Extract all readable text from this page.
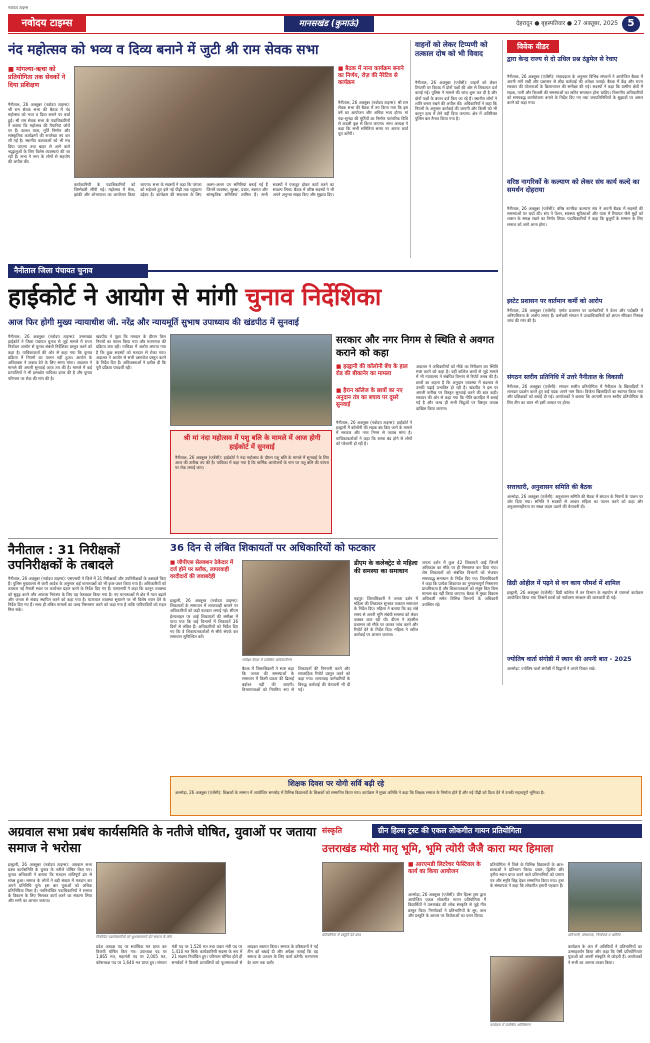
नवोदय टाइम्स
नवोदय टाइम्स	मानसखंड (कुमाऊं)	देहरादून ● बृहस्पतिवार ● 27 अक्तूबर, 2025 5
नंद महोत्सव को भव्य व दिव्य बनाने में जुटी श्री राम सेवक सभा
■ मांगल्या-ऋचा को प्रतियोगिता तक सेवकों ने दिया प्रशिक्षण
नैनीताल, 26 अक्तूबर (नवोदय टाइम्स): श्री राम सेवक सभा की बैठक में नंद महोत्सव को भव्य व दिव्य बनाने पर चर्चा हुई। श्री राम सेवक सभा के पदाधिकारियों ने बताया कि महोत्सव की तैयारियां जोरों पर हैं। कलश यात्रा, मूर्ति निर्माण और सांस्कृतिक कार्यक्रमों की रूपरेखा तय कर ली गई है। स्थानीय कलाकारों को भी मंच दिया जाएगा तथा बाहर से आने वाले श्रद्धालुओं के लिए विशेष व्यवस्थाएं की जा रही हैं। सभा ने नगर के लोगों से सहयोग की अपील की।
■ बैठक में नाना कार्यक्रम बनाने का निर्णय, रोज़ की नैरेटिव से कार्यक्रम
नैनीताल, 26 अक्तूबर (नवोदय टाइम्स): श्री राम सेवक सभा की बैठक में तय किया गया कि इस वर्ष का आयोजन और अधिक भव्य होगा। मां नंदा-सुनंदा की मूर्तियों का निर्माण पारंपरिक विधि से कदली वृक्ष से किया जाएगा। सभा अध्यक्ष ने कहा कि सभी समितियां समय पर अपना कार्य पूरा करेंगी।
कार्यकारिणी के पदाधिकारियों को जिम्मेदारी सौंपी गई। महोत्सव में मेला, झांकी और शोभायात्रा का आयोजन किया जाएगा। सभा के सदस्यों ने कहा कि परंपरा को सहेजते हुए इसे नई पीढ़ी तक पहुंचाना उद्देश्य है। कार्यक्रम की सफलता के लिए अलग-अलग उप समितियां बनाई गई हैं जिनमें व्यवस्था, सुरक्षा, प्रचार, स्वागत और सांस्कृतिक समितियां शामिल हैं। सभी सदस्यों ने एकजुट होकर कार्य करने का संकल्प लिया। बैठक में वरिष्ठ सदस्यों ने भी अपने अनुभव साझा किए और सुझाव दिए।
वाहनों को लेकर टिप्पणी को तत्काल दोष को भी विवाद
नैनीताल, 26 अक्तूबर (एजेंसी): वाहनों को लेकर टिप्पणी पर विवाद में दोनों पक्षों की ओर से शिकायत दर्ज कराई गई। पुलिस ने मामले की जांच शुरू कर दी है और दोनों पक्षों के बयान दर्ज किए जा रहे हैं। स्थानीय लोगों ने शांति बनाए रखने की अपील की। अधिकारियों ने कहा कि नियमों के अनुसार कार्रवाई की जाएगी और किसी को भी कानून हाथ में लेने नहीं दिया जाएगा। क्षेत्र में अतिरिक्त पुलिस बल तैनात किया गया है।
विवेक वीडर
द्वारा केन्द्र राज्य से दो उधिल प्रश्न ठंडुमेल से रेचाए
नैनीताल, 26 अक्तूबर (एजेंसी): संवाददाता के अनुसार विभिन्न संगठनों ने आयोजित बैठक में अपनी मांगें रखीं और प्रशासन से शीघ्र कार्रवाई की अपेक्षा जताई। बैठक में केंद्र और राज्य सरकार की योजनाओं के क्रियान्वयन की समीक्षा की गई। सदस्यों ने कहा कि ग्रामीण क्षेत्रों में सड़क, पानी और बिजली की समस्याओं का त्वरित समाधान होना चाहिए। विभागीय अधिकारियों को समयबद्ध कार्ययोजना बनाने के निर्देश दिए गए तथा जनप्रतिनिधियों के सुझावों पर अमल करने को कहा गया।
वरिष्ठ नागरिकों के कल्याण को लेकर संघ कार्य कल्दे का समर्थन दोहराया
नैनीताल, 26 अक्तूबर (एजेंसी): वरिष्ठ नागरिक कल्याण संघ ने अपनी बैठक में सदस्यों की समस्याओं पर चर्चा की। संघ ने पेंशन, स्वास्थ्य सुविधाओं और यात्रा में रियायत जैसे मुद्दों को शासन के समक्ष रखने का निर्णय लिया। पदाधिकारियों ने कहा कि बुजुर्गों के सम्मान के लिए समाज को आगे आना होगा।
इस्टेट प्रशासन पर वार्तमान कर्मी को आरोप
नैनीताल, 26 अक्तूबर (एजेंसी): एस्टेट प्रशासन पर कर्मचारियों ने वेतन और पदोन्नति में अनियमितता के आरोप लगाए हैं। कर्मचारी संगठन ने उच्चाधिकारियों को ज्ञापन सौंपकर निष्पक्ष जांच की मांग की है।
संगठन स्तरीय प्रतिनिधि में उत्तरे नैनीताल के विकासी
नैनीताल, 26 अक्तूबर (एजेंसी): संगठन स्तरीय प्रतियोगिता में नैनीताल के खिलाड़ियों ने शानदार प्रदर्शन करते हुए कई पदक अपने नाम किए। विजेता खिलाड़ियों का स्वागत किया गया और प्रशिक्षकों को बधाई दी गई। आयोजकों ने बताया कि आगामी राज्य स्तरीय प्रतियोगिता के लिए टीम का चयन भी इसी आधार पर होगा।
सत्ताधारी, अनुशासन समिति की बैठक
अल्मोड़ा, 26 अक्तूबर (एजेंसी): अनुशासन समिति की बैठक में संगठन के नियमों के पालन पर जोर दिया गया। समिति ने सदस्यों से आचार संहिता का पालन करने को कहा और अनुशासनहीनता पर सख्त कदम उठाने की चेतावनी दी।
डिग्री ओहील में पढ़ने से वन काय परैमर्श में शामिल
हल्द्वानी, 26 अक्तूबर (एजेंसी): डिग्री कॉलेज में वन विभाग के सहयोग से परामर्श कार्यक्रम आयोजित किया गया जिसमें छात्रों को पर्यावरण संरक्षण की जानकारी दी गई।
ज्योतिष वार्ता संगोष्ठी में स्थान की अपनी बात - 2025
अल्मोड़ा: ज्योतिष वार्ता संगोष्ठी में विद्वानों ने अपने विचार रखे।
नैनीताल जिला पंचायत चुनाव
हाईकोर्ट ने आयोग से मांगी चुनाव निर्देशिका
आज फिर होगी मुख्य न्यायाधीश जी. नरेंद्र और न्यायमूर्ति सुभाष उपाध्याय की खंडपीठ में सुनवाई
नैनीताल, 26 अक्तूबर (नवोदय टाइम्स): उत्तराखंड हाईकोर्ट ने जिला पंचायत चुनाव से जुड़े मामले में राज्य निर्वाचन आयोग से चुनाव संबंधी निर्देशिका प्रस्तुत करने को कहा है। याचिकाकर्ता की ओर से कहा गया कि चुनाव प्रक्रिया में नियमों का पालन नहीं हुआ। आयोग के अधिवक्ता ने जवाब देने के लिए समय मांगा। अदालत ने मामले की अगली सुनवाई आज तय की है। मामले में कई प्रत्याशियों ने भी हस्तक्षेप याचिका दायर की है और चुनाव परिणाम पर रोक की मांग की है।
खंडपीठ ने पूछा कि मतदान के दौरान किन नियमों का पालन किया गया और मतगणना की प्रक्रिया क्या रही। याचिका में आरोप लगाया गया है कि कुछ सदस्यों को मतदान से रोका गया। अदालत ने आयोग से सभी दस्तावेज प्रस्तुत करने के निर्देश दिए हैं। अधिवक्ताओं ने दलील दी कि पूरी प्रक्रिया पारदर्शी रही।
सरकार और नगर निगम से स्थिति से अवगत कराने को कहा
■ हल्द्वानी की कॉलोनी बेंच के हाल रोड की बीकानेर का मामला
■ हैरान कॉलेज के छात्रों का नए अनुदान तंत्र का बचाव पर दूसरे सुनवाई
नैनीताल, 26 अक्तूबर (नवोदय टाइम्स): हाईकोर्ट ने हल्द्वानी में कॉलोनी की सड़क बंद किए जाने के मामले में सरकार और नगर निगम से जवाब मांगा है। याचिकाकर्ताओं ने कहा कि रास्ता बंद होने से लोगों को परेशानी हो रही है।
अदालत ने अधिकारियों को मौके का निरीक्षण कर स्थिति स्पष्ट करने को कहा है। वहीं कॉलेज छात्रों से जुड़े मामले में भी न्यायालय ने संबंधित विभाग से रिपोर्ट तलब की है। छात्रों का कहना है कि अनुदान व्यवस्था में बदलाव से उनकी पढ़ाई प्रभावित हो रही है। खंडपीठ ने इस पर अगली तारीख पर विस्तृत सुनवाई करने की बात कही। सरकार की ओर से कहा गया कि नीति छात्रहित में बनाई गई है और जल्द ही सभी बिंदुओं पर विस्तृत जवाब दाखिल किया जाएगा।
श्री मां नंदा महोत्सव में पशु बलि के मामले में आज होगी हाईकोर्ट में सुनवाई
नैनीताल, 26 अक्तूबर (एजेंसी): हाईकोर्ट ने नंदा महोत्सव के दौरान पशु बलि के मामले में सुनवाई के लिए आज की तारीख तय की है। याचिका में कहा गया है कि धार्मिक आयोजनों के नाम पर पशु बलि की परंपरा पर रोक लगाई जाए।
नैनीताल : 31 निरीक्षकों उपनिरीक्षकों के तबादले
नैनीताल, 26 अक्तूबर (नवोदय टाइम्स): एसएसपी ने जिले में 31 निरीक्षकों और उपनिरीक्षकों के तबादले किए हैं। पुलिस मुख्यालय से जारी आदेश के अनुसार कई थानाध्यक्षों को भी इधर-उधर किया गया है। अधिकारियों को तत्काल नई तैनाती स्थल पर कार्यभार ग्रहण करने के निर्देश दिए गए हैं। एसएसपी ने कहा कि कानून व्यवस्था को सुदृढ़ करने और अपराध नियंत्रण के लिए यह फेरबदल किया गया है। नए थानाध्यक्षों से क्षेत्र में गश्त बढ़ाने और जनता से संवाद स्थापित करने को कहा गया है। यातायात व्यवस्था सुधारने पर भी विशेष ध्यान देने के निर्देश दिए गए हैं। साथ ही लंबित मामलों का जल्द निस्तारण करने को कहा गया है ताकि फरियादियों को राहत मिल सके।
36 दिन से लंबित शिकायतों पर अधिकारियों को फटकार
■ जीपीएस सेलक्शन ठेकेदार में दर्ज होने पर ब्लॉक, लापरवाही वरदीदारों की जवाबदेही
हल्द्वानी, 26 अक्तूबर (नवोदय टाइम्स): शिकायतों के समाधान में लापरवाही बरतने पर अधिकारियों को कड़ी फटकार लगाई गई। सीएम हेल्पलाइन पर आई शिकायतों की समीक्षा में पाया गया कि कई विभागों में शिकायतें 36 दिनों से लंबित हैं। अधिकारियों को निर्देश दिए गए कि वे शिकायतकर्ताओं से सीधे संपर्क कर समाधान सुनिश्चित करें।
समीक्षा बैठक में उपस्थित अधिकारीगण
बैठक में जिलाधिकारी ने स्पष्ट कहा कि जनता की समस्याओं के समाधान में किसी प्रकार की ढिलाई बर्दाश्त नहीं की जाएगी। विभागाध्यक्षों को नियमित रूप से शिकायतों की निगरानी करने और साप्ताहिक रिपोर्ट प्रस्तुत करने को कहा गया। लापरवाह कर्मचारियों के विरुद्ध कार्रवाई की चेतावनी भी दी गई।
डीएम के कलेक्ट्रेट से महिला की समस्या का समाधान
रुद्रपुर: जिलाधिकारी ने जनता दर्शन में महिला की शिकायत सुनकर तत्काल समाधान के निर्देश दिए। महिला ने बताया कि वह लंबे समय से अपनी भूमि संबंधी समस्या को लेकर चक्कर काट रही थी। डीएम ने तहसील प्रशासन को मौके पर जाकर जांच करने और रिपोर्ट देने के निर्देश दिए। महिला ने त्वरित कार्रवाई पर आभार जताया।
जनता दर्शन में कुल 42 शिकायतें आईं जिनमें अधिकांश का मौके पर ही निस्तारण कर दिया गया। शेष शिकायतों को संबंधित विभागों को भेजकर समयबद्ध समाधान के निर्देश दिए गए। जिलाधिकारी ने कहा कि प्रत्येक शिकायत का गुणवत्तापूर्ण निस्तारण प्राथमिकता है और शिकायतकर्ता को संतुष्ट किए बिना मामला बंद नहीं किया जाएगा। बैठक में मुख्य विकास अधिकारी समेत विभिन्न विभागों के अधिकारी उपस्थित रहे।
शिक्षक दिवस पर योगी सर्वि बढ़ी रहे
अल्मोड़ा, 26 अक्तूबर (एजेंसी): शिक्षकों के सम्मान में आयोजित समारोह में विभिन्न विद्यालयों के शिक्षकों को सम्मानित किया गया। कार्यक्रम में मुख्य अतिथि ने कहा कि शिक्षक समाज के निर्माता होते हैं और नई पीढ़ी को दिशा देने में उनकी महत्वपूर्ण भूमिका है।
अग्रवाल सभा प्रबंध कार्यसमिति के नतीजे घोषित, युवाओं पर जताया समाज ने भरोसा
हल्द्वानी, 26 अक्तूबर (नवोदय टाइम्स): अग्रवाल सभा प्रबंध कार्यसमिति के चुनाव के नतीजे घोषित किए गए। चुनाव अधिकारी ने बताया कि मतदान शांतिपूर्ण ढंग से संपन्न हुआ। समाज के लोगों ने बड़ी संख्या में मतदान कर अपने प्रतिनिधि चुने। इस बार युवाओं को अधिक प्रतिनिधित्व मिला है। नवनिर्वाचित पदाधिकारियों ने समाज के विकास के लिए मिलकर कार्य करने का संकल्प लिया और सभी का आभार जताया।
निर्वाचित पदाधिकारियों को शुभकामनाएँ देते समाज के लोग
प्रदेश अध्यक्ष पद पर सर्वाधिक मत प्राप्त कर विजयी घोषित किए गए। उपाध्यक्ष पद पर 1,865 मत, महामंत्री पद पर 2,005 मत, कोषाध्यक्ष पद पर 1,640 मत प्राप्त हुए। संगठन मंत्री पद पर 1,520 मत तथा प्रचार मंत्री पद पर 1,410 मत मिले। कार्यकारिणी सदस्य के रूप में 21 सदस्य निर्वाचित हुए। परिणाम घोषित होते ही समर्थकों ने विजयी प्रत्याशियों को फूलमालाओं से लादकर स्वागत किया। समाज के वरिष्ठजनों ने नई टीम को बधाई दी और अपेक्षा जताई कि वह समाज के उत्थान के लिए कार्य करेगी। मतगणना देर शाम तक चली।
संस्कृति	ग्रीन हिल्स ट्रस्ट की एकल लोकगीत गायन प्रतियोगिता
उत्तराखंड म्यॊरी मातृ भूमि, भूमि त्यॊरी जैजै कारा म्यर हिमाला
प्रतियोगिता में प्रस्तुति देते छात्र
■ आरएमडी लिटरेचर फेस्टिवल के कार्य का किया आयोजन
अल्मोड़ा, 26 अक्तूबर (एजेंसी): ग्रीन हिल्स ट्रस्ट द्वारा आयोजित एकल लोकगीत गायन प्रतियोगिता में विद्यार्थियों ने उत्तराखंड की लोक संस्कृति से जुड़े गीत प्रस्तुत किए। निर्णायकों ने प्रतिभागियों के सुर, ताल और प्रस्तुति के आधार पर विजेताओं का चयन किया।
प्रतियोगिता में जिले के विभिन्न विद्यालयों के छात्र-छात्राओं ने प्रतिभाग किया। प्रथम, द्वितीय और तृतीय स्थान प्राप्त करने वाले प्रतिभागियों को प्रमाण पत्र और स्मृति चिह्न देकर सम्मानित किया गया। ट्रस्ट के संस्थापक ने कहा कि लोकगीत हमारी पहचान हैं।
प्रतिभागी, संस्थापक, निर्णायक व अतिथि
कार्यक्रम में उपस्थित अतिथिगण
कार्यक्रम के अंत में अतिथियों ने प्रतिभागियों का उत्साहवर्धन किया और कहा कि ऐसी प्रतियोगिताएं युवाओं को अपनी संस्कृति से जोड़ती हैं। आयोजकों ने सभी का आभार व्यक्त किया।
